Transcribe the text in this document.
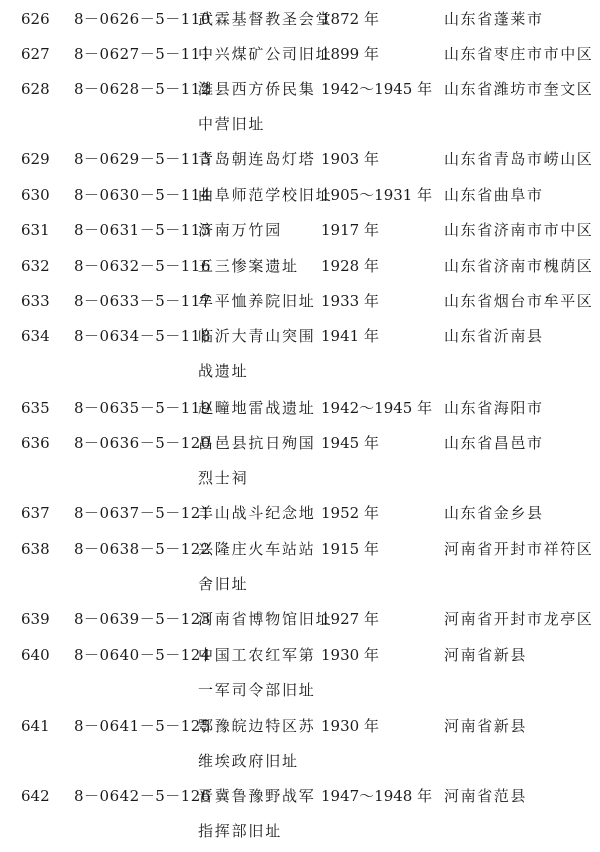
626 8－0626－5－110
武霖基督教圣会堂
1872 年	山东省蓬莱市
627 8－0627－5－111
中兴煤矿公司旧址
1899 年	山东省枣庄市市中区
628 8－0628－5－112
潍县西方侨民集
中营旧址
1942～1945 年 山东省潍坊市奎文区
629 8－0629－5－113
青岛朝连岛灯塔 1903 年	山东省青岛市崂山区
630 8－0630－5－114
曲阜师范学校旧址
1905～1931 年 山东省曲阜市
631 8－0631－5－115
济南万竹园	1917 年	山东省济南市市中区
632 8－0632－5－116
五三惨案遗址 1928 年	山东省济南市槐荫区
633 8－0633－5－117
牟平恤养院旧址 1933 年	山东省烟台市牟平区
634 8－0634－5－118
临沂大青山突围
战遗址
1941 年	山东省沂南县
635 8－0635－5－119
赵疃地雷战遗址 1942～1945 年 山东省海阳市
636 8－0636－5－120
昌邑县抗日殉国
烈士祠
1945 年	山东省昌邑市
637 8－0637－5－121
羊山战斗纪念地 1952 年	山东省金乡县
638 8－0638－5－122
兴隆庄火车站站
舍旧址
1915 年	河南省开封市祥符区
639 8－0639－5－123
河南省博物馆旧址
1927 年	河南省开封市龙亭区
640 8－0640－5－124
中国工农红军第
一军司令部旧址
1930 年	河南省新县
641 8－0641－5－125
鄂豫皖边特区苏
维埃政府旧址
1930 年	河南省新县
642 8－0642－5－126
晋冀鲁豫野战军
指挥部旧址
1947～1948 年 河南省范县
